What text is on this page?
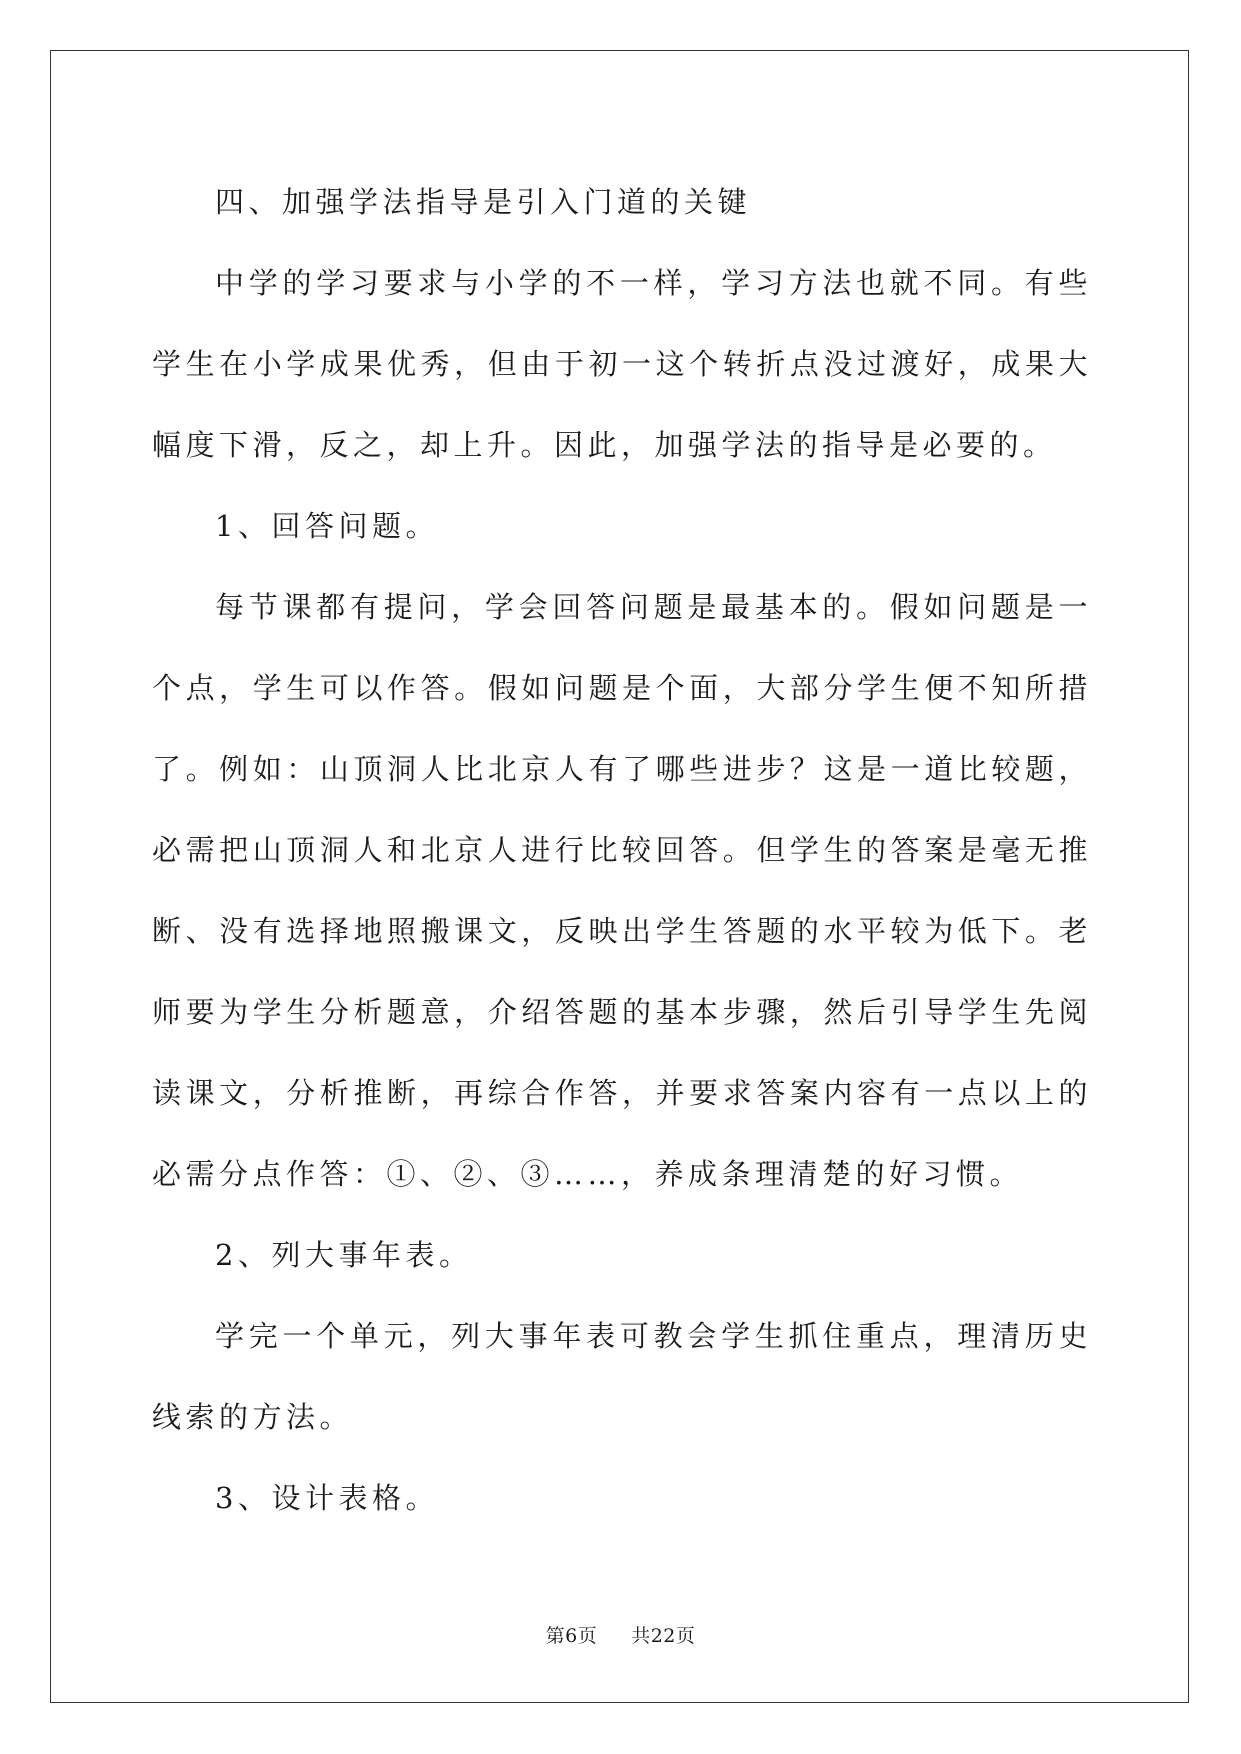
四、加强学法指导是引入门道的关键

中学的学习要求与小学的不一样，学习方法也就不同。有些学生在小学成果优秀，但由于初一这个转折点没过渡好，成果大幅度下滑，反之，却上升。因此，加强学法的指导是必要的。

1、回答问题。

每节课都有提问，学会回答问题是最基本的。假如问题是一个点，学生可以作答。假如问题是个面，大部分学生便不知所措了。例如：山顶洞人比北京人有了哪些进步？这是一道比较题，必需把山顶洞人和北京人进行比较回答。但学生的答案是毫无推断、没有选择地照搬课文，反映出学生答题的水平较为低下。老师要为学生分析题意，介绍答题的基本步骤，然后引导学生先阅读课文，分析推断，再综合作答，并要求答案内容有一点以上的必需分点作答：①、②、③……，养成条理清楚的好习惯。

2、列大事年表。

学完一个单元，列大事年表可教会学生抓住重点，理清历史线索的方法。

3、设计表格。

第6页 共22页
